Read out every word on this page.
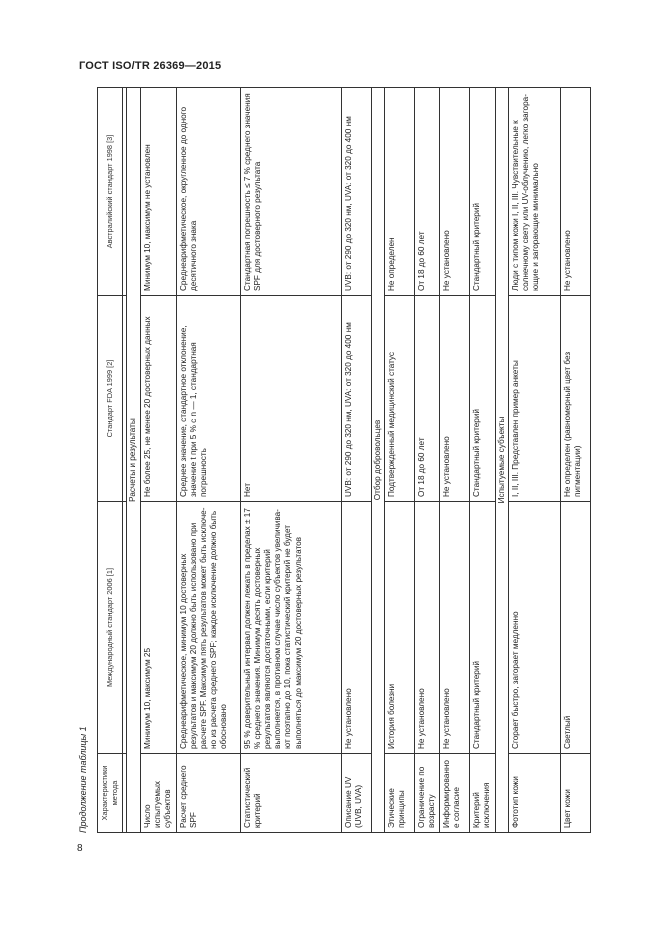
ГОСТ ISO/TR 26369—2015
Продолжение таблицы 1 Характеристики метода	Международный стандарт 2006 [1]	Стандарт FDA 1999 [2]	Австралийский стандарт 1998 [3]

Расчеты и результаты			
Число испытуемых субъектов	Минимум 10, максимум 25	Не более 25, не менее 20 достоверных данных	Минимум 10, максимум не установлен
Расчет среднего SPF	Среднеарифметическое, минимум 10 достоверных результатов и максимум 20 должно быть использовано при расчете SPF. Максимум пять результатов может быть исключено из расчета среднего SPF; каждое исключение должно быть обосновано	Среднее значение, стандартное отклонение, значение t при 5 % с n — 1, стандартная погрешность	Среднеарифметическое, округленное до одного десятичного знака
Статистический критерий	95 % доверительный интервал должен лежать в пределах ± 17 % среднего значения. Минимум десять достоверных результатов являются достаточными, если критерий выполняется, в противном случае число субъектов увеличивают поэтапно до 10, пока статистический критерий не будет выполняться до максимум 20 достоверных результатов	Нет	Стандартная погрешность ≤ 7 % среднего значения SPF для достоверного результата
Описание UV (UVB, UVA)	Не установлено	UVB: от 290 до 320 нм, UVA: от 320 до 400 нм	UVB: от 290 до 320 нм, UVA: от 320 до 400 нм
Отбор добровольцев			
Этические принципы	История болезни	Подтвержденный медицинский статус	Не определен
Ограничение по возрасту	Не установлено	От 18 до 60 лет	От 18 до 60 лет
Информированное согласие	Не установлено	Не установлено	Не установлено
Критерий исключения	Стандартный критерий	Стандартный критерий	Стандартный критерий
Испытуемые субъекты			
Фототип кожи	Сгорает быстро, загорает медленно	I, II, III. Представлен пример анкеты	Люди с типом кожи I, II, III. Чувствительные к солнечному свету или UV-облучению, легко загорающие и загорающие минимально
Цвет кожи	Светлый	Не определен (равномерный цвет без пигментации)	Не установлено
8
